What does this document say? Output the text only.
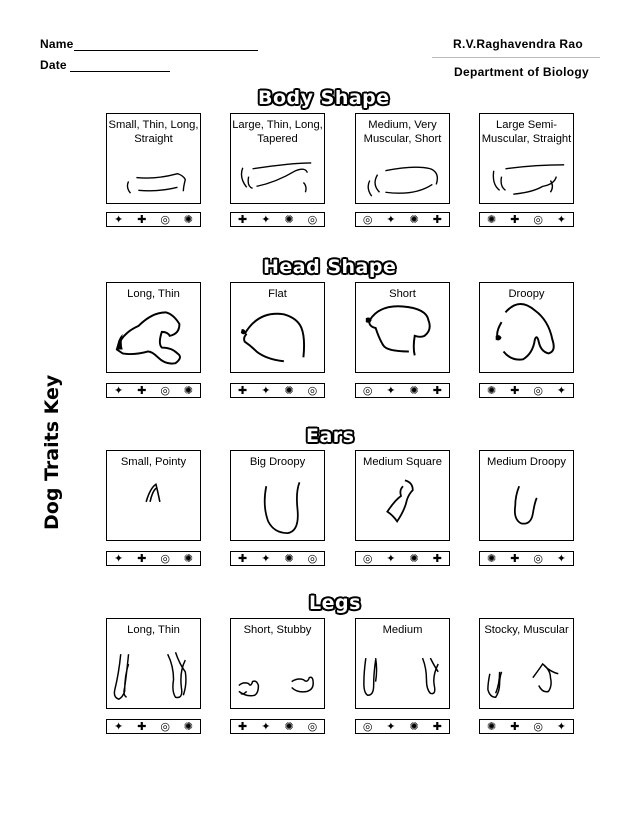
Name
Date
R.V.Raghavendra Rao
Department of Biology
Dog Traits Key
Body Shape
Small, Thin, Long, Straight
✦	✚	◎	✺
Large, Thin, Long, Tapered
✚	✦	✺	◎
Medium, Very Muscular, Short
◎	✦	✺	✚
Large Semi-Muscular, Straight
✺	✚	◎	✦
Head Shape
Long, Thin
✦	✚	◎	✺
Flat
✚	✦	✺	◎
Short
◎	✦	✺	✚
Droopy
✺	✚	◎	✦
Ears
Small, Pointy
✦	✚	◎	✺
Big Droopy
✚	✦	✺	◎
Medium Square
◎	✦	✺	✚
Medium Droopy
✺	✚	◎	✦
Legs
Long, Thin
✦	✚	◎	✺
Short, Stubby
✚	✦	✺	◎
Medium
◎	✦	✺	✚
Stocky, Muscular
✺	✚	◎	✦
